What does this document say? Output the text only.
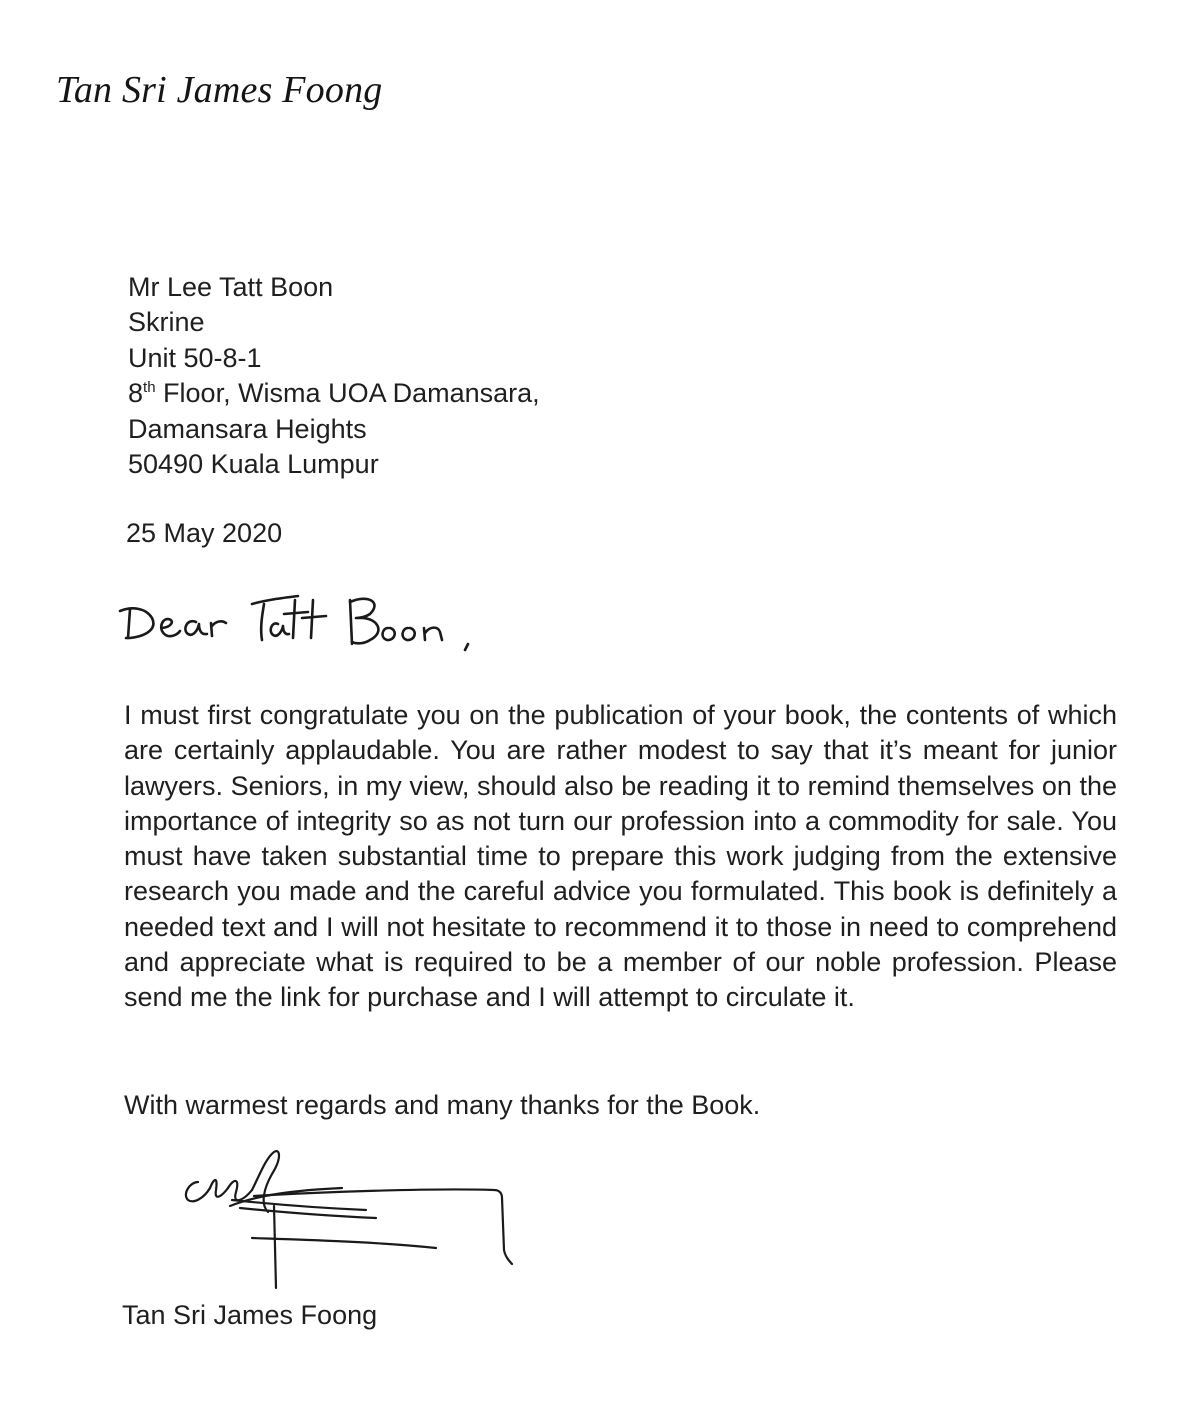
Tan Sri James Foong
Mr Lee Tatt Boon
Skrine
Unit 50-8-1
8th Floor, Wisma UOA Damansara,
Damansara Heights
50490 Kuala Lumpur
25 May 2020

I must first congratulate you on the publication of your book, the contents of which are certainly applaudable. You are rather modest to say that it’s meant for junior lawyers. Seniors, in my view, should also be reading it to remind themselves on the importance of integrity so as not turn our profession into a commodity for sale. You must have taken substantial time to prepare this work judging from the extensive research you made and the careful advice you formulated. This book is definitely a needed text and I will not hesitate to recommend it to those in need to comprehend and appreciate what is required to be a member of our noble profession. Please send me the link for purchase and I will attempt to circulate it.

With warmest regards and many thanks for the Book.
Tan Sri James Foong
